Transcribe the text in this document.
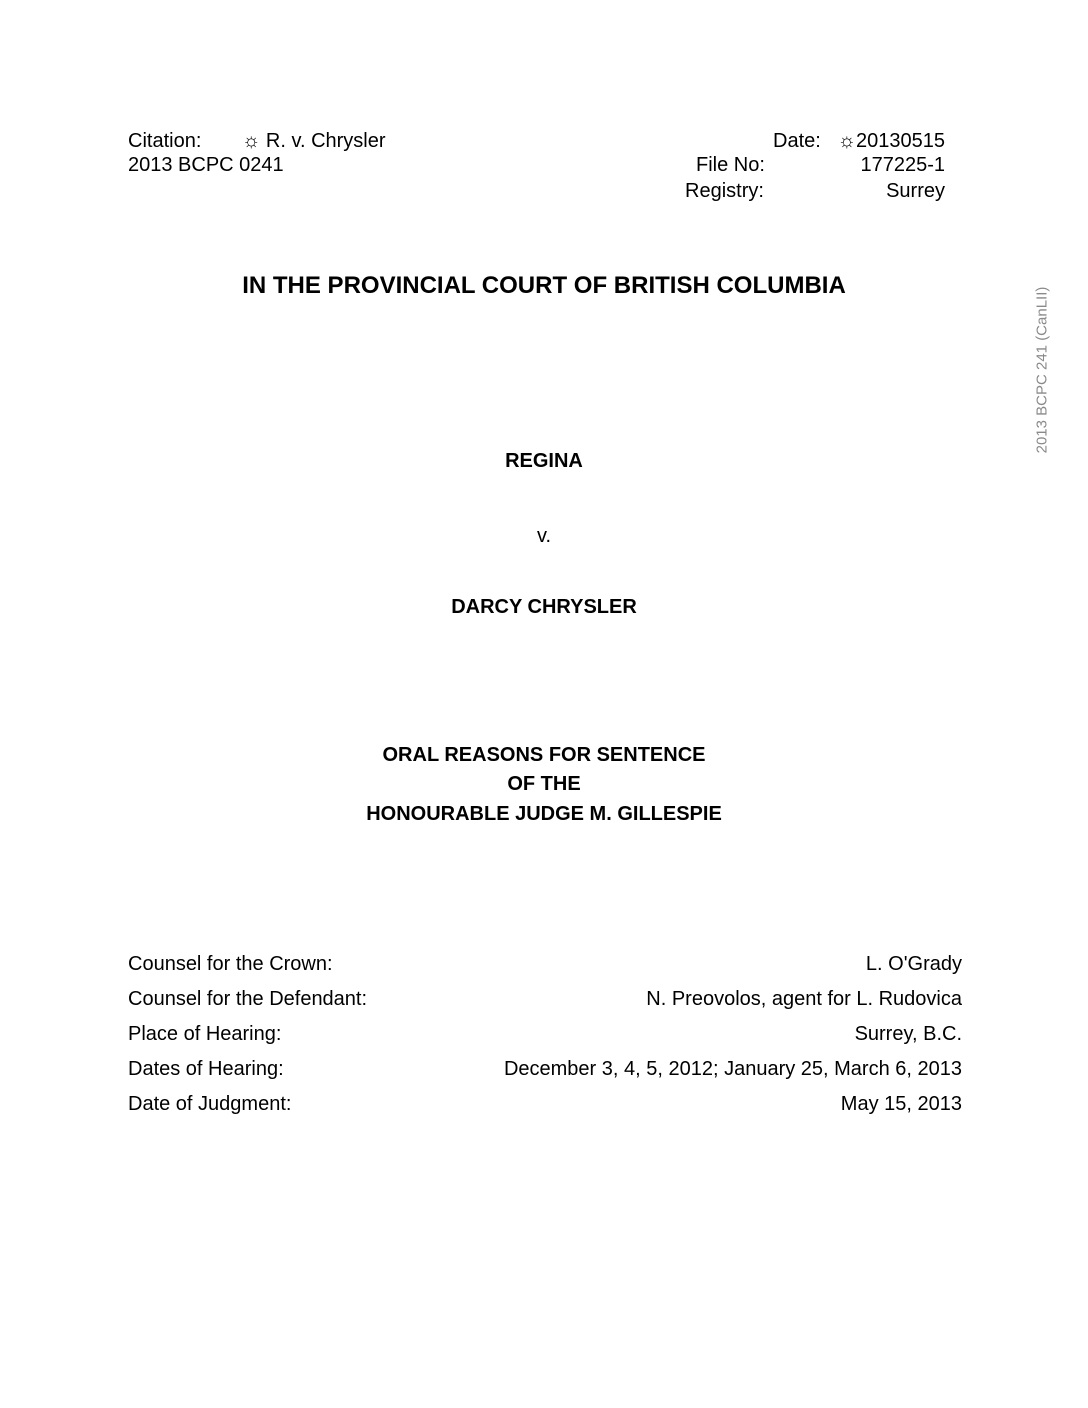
Citation: ☼ R. v. Chrysler
2013 BCPC 0241
Date: ☼20130515
File No:	177225-1
Registry:	Surrey
IN THE PROVINCIAL COURT OF BRITISH COLUMBIA
REGINA
v.
DARCY CHRYSLER
ORAL REASONS FOR SENTENCE
OF THE
HONOURABLE JUDGE M. GILLESPIE
Counsel for the Crown:	L. O'Grady
Counsel for the Defendant:	N. Preovolos, agent for L. Rudovica
Place of Hearing:	Surrey, B.C.
Dates of Hearing:	December 3, 4, 5, 2012; January 25, March 6, 2013
Date of Judgment:	May 15, 2013
2013 BCPC 241 (CanLII)
